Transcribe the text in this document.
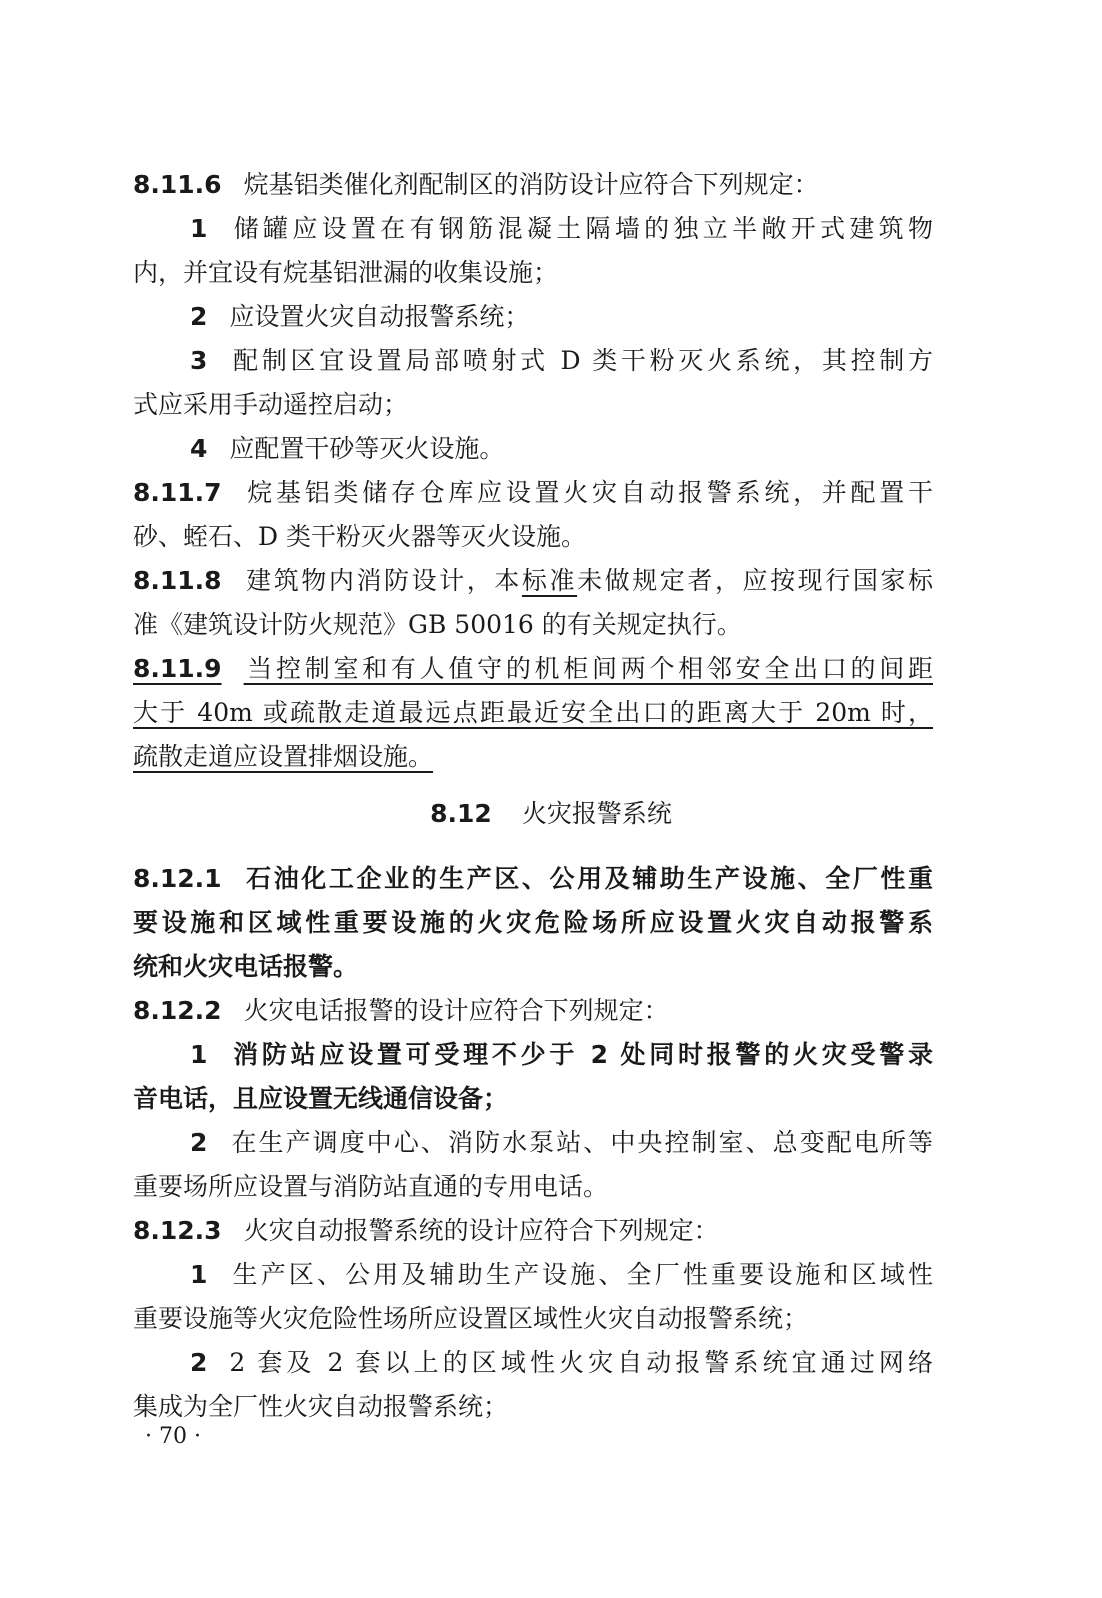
8.11.6 烷基铝类催化剂配制区的消防设计应符合下列规定：
1 储罐应设置在有钢筋混凝土隔墙的独立半敞开式建筑物
内，并宜设有烷基铝泄漏的收集设施；
2 应设置火灾自动报警系统；
3 配制区宜设置局部喷射式 D 类干粉灭火系统，其控制方
式应采用手动遥控启动；
4 应配置干砂等灭火设施。
8.11.7 烷基铝类储存仓库应设置火灾自动报警系统，并配置干
砂、蛭石、D 类干粉灭火器等灭火设施。
8.11.8 建筑物内消防设计，本标准未做规定者，应按现行国家标
准《建筑设计防火规范》GB 50016 的有关规定执行。
8.11.9 当控制室和有人值守的机柜间两个相邻安全出口的间距
大于 40m 或疏散走道最远点距最近安全出口的距离大于 20m 时，
疏散走道应设置排烟设施。
8.12 火灾报警系统
8.12.1 石油化工企业的生产区、公用及辅助生产设施、全厂性重
要设施和区域性重要设施的火灾危险场所应设置火灾自动报警系
统和火灾电话报警。
8.12.2 火灾电话报警的设计应符合下列规定：
1 消防站应设置可受理不少于 2 处同时报警的火灾受警录
音电话，且应设置无线通信设备；
2 在生产调度中心、消防水泵站、中央控制室、总变配电所等
重要场所应设置与消防站直通的专用电话。
8.12.3 火灾自动报警系统的设计应符合下列规定：
1 生产区、公用及辅助生产设施、全厂性重要设施和区域性
重要设施等火灾危险性场所应设置区域性火灾自动报警系统；
2 2 套及 2 套以上的区域性火灾自动报警系统宜通过网络
集成为全厂性火灾自动报警系统；
· 70 ·
